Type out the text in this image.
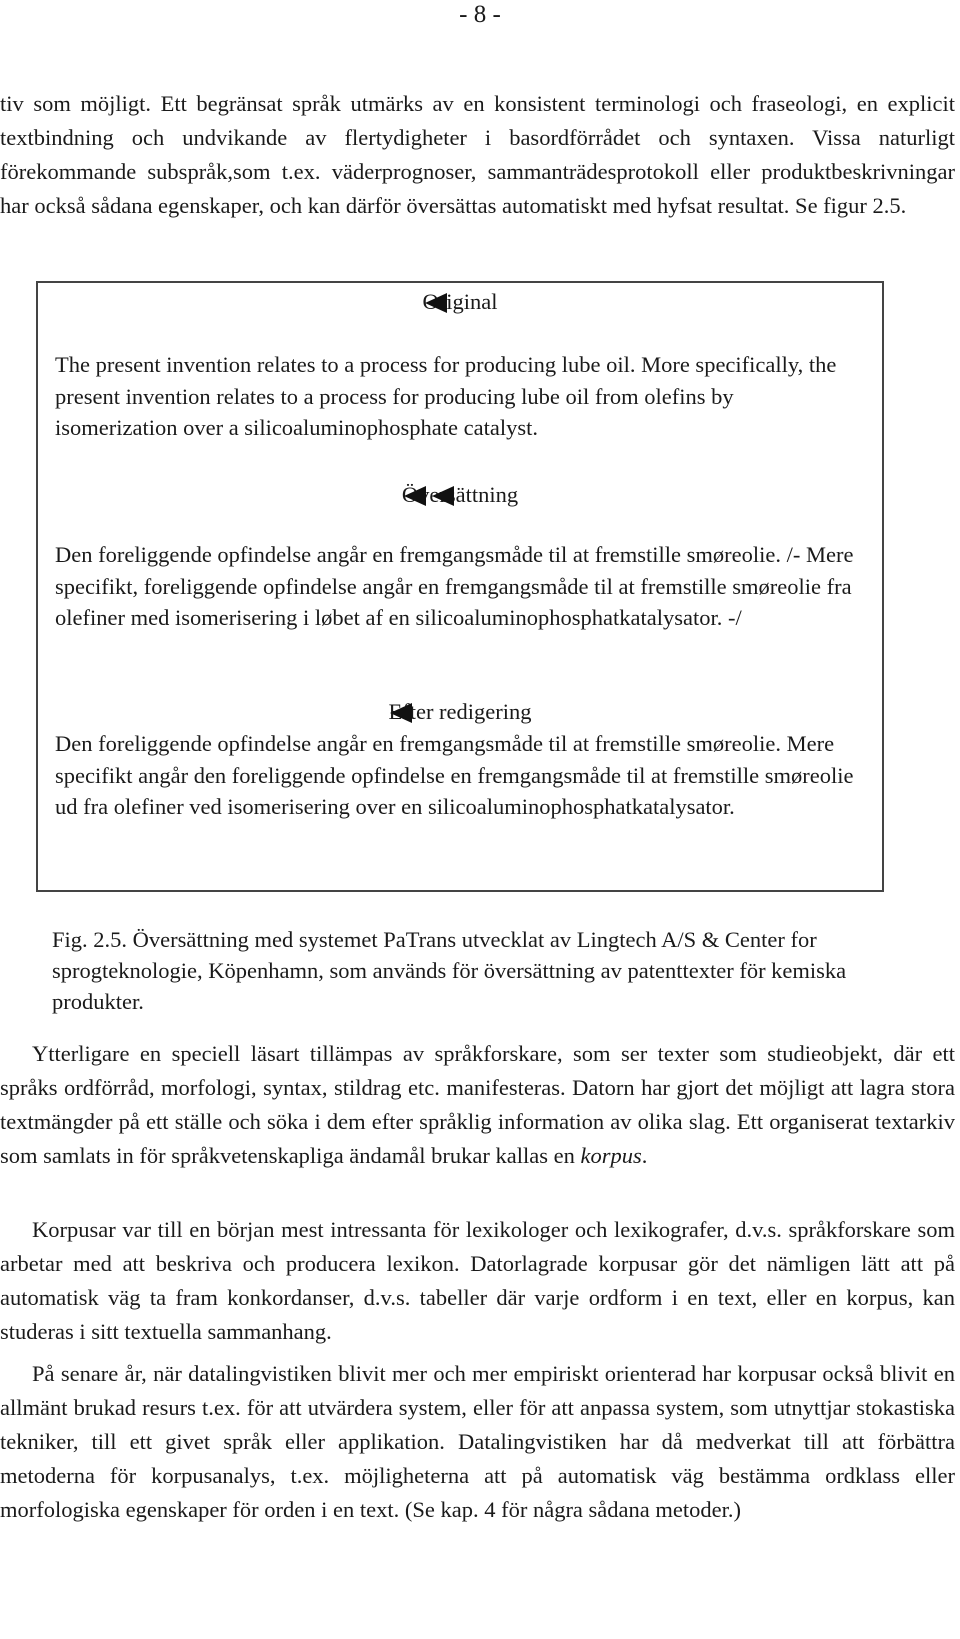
- 8 -

tiv som möjligt. Ett begränsat språk utmärks av en konsistent terminologi och fraseologi, en explicit textbindning och undvikande av flertydigheter i basordförrådet och syntaxen. Vissa naturligt förekommande subspråk,som t.ex. väderprognoser, sammanträdesprotokoll eller produktbeskrivningar har också sådana egenskaper, och kan därför översättas automatiskt med hyfsat resultat. Se figur 2.5.

Original

The present invention relates to a process for producing lube oil. More specifically, the present invention relates to a process for producing lube oil from olefins by isomerization over a silicoaluminophosphate catalyst.

Översättning

Den foreliggende opfindelse angår en fremgangsmåde til at fremstille smøreolie. /- Mere specifikt, foreliggende opfindelse angår en fremgangsmåde til at fremstille smøreolie fra olefiner med isomerisering i løbet af en silicoaluminophosphatkatalysator. -/

Efter redigering

Den foreliggende opfindelse angår en fremgangsmåde til at fremstille smøreolie. Mere specifikt angår den foreliggende opfindelse en fremgangsmåde til at fremstille smøreolie ud fra olefiner ved isomerisering over en silicoaluminophosphatkatalysator.

Fig. 2.5. Översättning med systemet PaTrans utvecklat av Lingtech A/S & Center for sprogteknologie, Köpenhamn, som används för översättning av patenttexter för kemiska produkter.

Ytterligare en speciell läsart tillämpas av språkforskare, som ser texter som studieobjekt, där ett språks ordförråd, morfologi, syntax, stildrag etc. manifesteras. Datorn har gjort det möjligt att lagra stora textmängder på ett ställe och söka i dem efter språklig information av olika slag. Ett organiserat textarkiv som samlats in för språkvetenskapliga ändamål brukar kallas en korpus.

Korpusar var till en början mest intressanta för lexikologer och lexikografer, d.v.s. språkforskare som arbetar med att beskriva och producera lexikon. Datorlagrade korpusar gör det nämligen lätt att på automatisk väg ta fram konkordanser, d.v.s. tabeller där varje ordform i en text, eller en korpus, kan studeras i sitt textuella sammanhang.

På senare år, när datalingvistiken blivit mer och mer empiriskt orienterad har korpusar också blivit en allmänt brukad resurs t.ex. för att utvärdera system, eller för att anpassa system, som utnyttjar stokastiska tekniker, till ett givet språk eller applikation. Datalingvistiken har då medverkat till att förbättra metoderna för korpusanalys, t.ex. möjligheterna att på automatisk väg bestämma ordklass eller morfologiska egenskaper för orden i en text. (Se kap. 4 för några sådana metoder.)
